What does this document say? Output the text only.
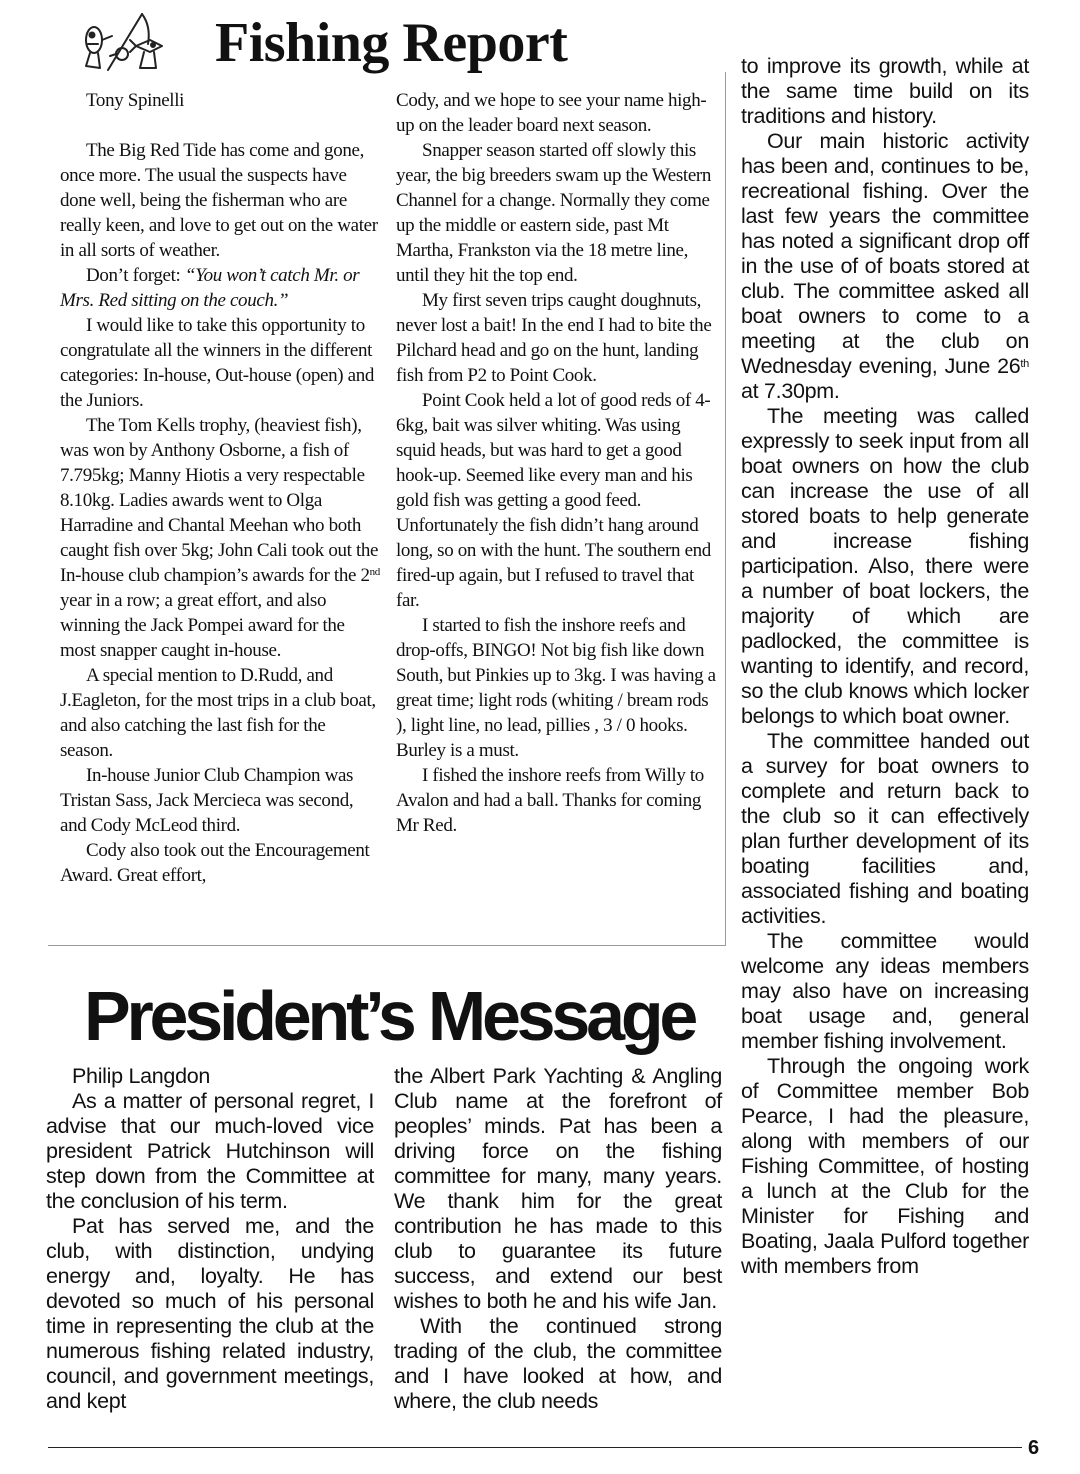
Fishing Report

Tony Spinelli

The Big Red Tide has come and gone, once more. The usual the suspects have done well, being the fisherman who are really keen, and love to get out on the water in all sorts of weather.

Don’t forget: “You won’t catch Mr. or Mrs. Red sitting on the couch.”

I would like to take this opportunity to congratulate all the winners in the different categories: In-house, Out-house (open) and the Juniors.

The Tom Kells trophy, (heaviest fish), was won by Anthony Osborne, a fish of 7.795kg; Manny Hiotis a very respectable 8.10kg. Ladies awards went to Olga Harradine and Chantal Meehan who both caught fish over 5kg; John Cali took out the In-house club champion’s awards for the 2nd year in a row; a great effort, and also winning the Jack Pompei award for the most snapper caught in-house.

A special mention to D.Rudd, and J.Eagleton, for the most trips in a club boat, and also catching the last fish for the season.

In-house Junior Club Champion was Tristan Sass, Jack Mercieca was second, and Cody McLeod third.

Cody also took out the Encouragement Award. Great effort,

Cody, and we hope to see your name high-up on the leader board next season.

Snapper season started off slowly this year, the big breeders swam up the Western Channel for a change. Normally they come up the middle or eastern side, past Mt Martha, Frankston via the 18 metre line, until they hit the top end.

My first seven trips caught doughnuts, never lost a bait! In the end I had to bite the Pilchard head and go on the hunt, landing fish from P2 to Point Cook.

Point Cook held a lot of good reds of 4-6kg, bait was silver whiting. Was using squid heads, but was hard to get a good hook-up. Seemed like every man and his gold fish was getting a good feed. Unfortunately the fish didn’t hang around long, so on with the hunt. The southern end fired-up again, but I refused to travel that far.

I started to fish the inshore reefs and drop-offs, BINGO! Not big fish like down South, but Pinkies up to 3kg. I was having a great time; light rods (whiting / bream rods ), light line, no lead, pillies , 3 / 0 hooks. Burley is a must.

I fished the inshore reefs from Willy to Avalon and had a ball. Thanks for coming Mr Red.

to improve its growth, while at the same time build on its traditions and history.

Our main historic activity has been and, continues to be, recreational fishing. Over the last few years the committee has noted a significant drop off in the use of of boats stored at club. The committee asked all boat owners to come to a meeting at the club on Wednesday evening, June 26th at 7.30pm.

The meeting was called expressly to seek input from all boat owners on how the club can increase the use of all stored boats to help generate and increase fishing participation. Also, there were a number of boat lockers, the majority of which are padlocked, the committee is wanting to identify, and record, so the club knows which locker belongs to which boat owner.

The committee handed out a survey for boat owners to complete and return back to the club so it can effectively plan further development of its boating facilities and, associated fishing and boating activities.

The committee would welcome any ideas members may also have on increasing boat usage and, general member fishing involvement.

Through the ongoing work of Committee member Bob Pearce, I had the pleasure, along with members of our Fishing Committee, of hosting a lunch at the Club for the Minister for Fishing and Boating, Jaala Pulford together with members from

President’s Message

Philip Langdon

As a matter of personal regret, I advise that our much-loved vice president Patrick Hutchinson will step down from the Committee at the conclusion of his term.

Pat has served me, and the club, with distinction, undying energy and, loyalty. He has devoted so much of his personal time in representing the club at the numerous fishing related industry, council, and government meetings, and kept

the Albert Park Yachting & Angling Club name at the forefront of peoples’ minds. Pat has been a driving force on the fishing committee for many, many years. We thank him for the great contribution he has made to this club to guarantee its future success, and extend our best wishes to both he and his wife Jan.

With the continued strong trading of the club, the committee and I have looked at how, and where, the club needs

6
